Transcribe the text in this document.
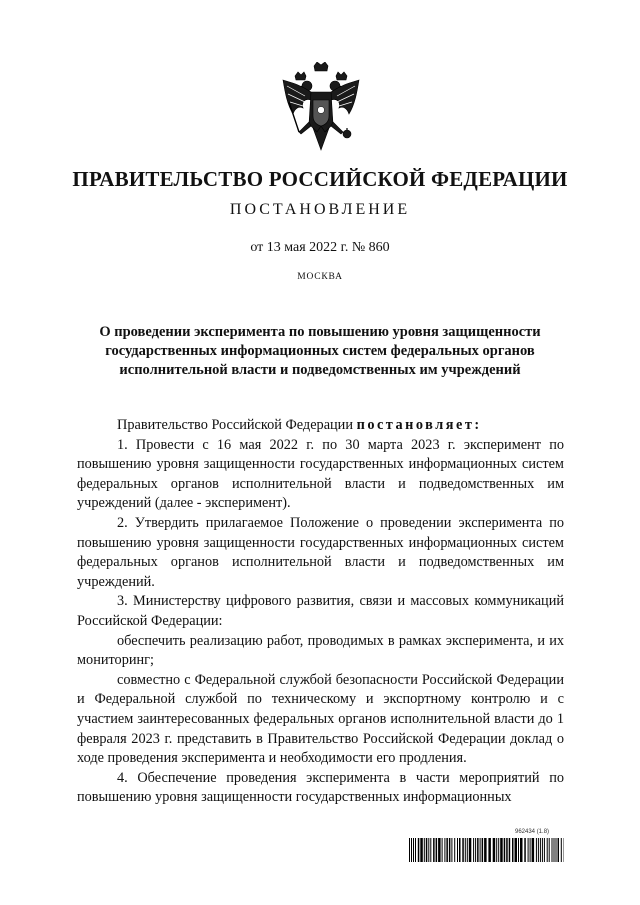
ПРАВИТЕЛЬСТВО РОССИЙСКОЙ ФЕДЕРАЦИИ
ПОСТАНОВЛЕНИЕ
от 13 мая 2022 г. № 860
МОСКВА
О проведении эксперимента по повышению уровня защищенности государственных информационных систем федеральных органов исполнительной власти и подведомственных им учреждений

Правительство Российской Федерации постановляет:

1. Провести с 16 мая 2022 г. по 30 марта 2023 г. эксперимент по повышению уровня защищенности государственных информационных систем федеральных органов исполнительной власти и подведомственных им учреждений (далее - эксперимент).

2. Утвердить прилагаемое Положение о проведении эксперимента по повышению уровня защищенности государственных информационных систем федеральных органов исполнительной власти и подведомственных им учреждений.

3. Министерству цифрового развития, связи и массовых коммуникаций Российской Федерации:

обеспечить реализацию работ, проводимых в рамках эксперимента, и их мониторинг;

совместно с Федеральной службой безопасности Российской Федерации и Федеральной службой по техническому и экспортному контролю и с участием заинтересованных федеральных органов исполнительной власти до 1 февраля 2023 г. представить в Правительство Российской Федерации доклад о ходе проведения эксперимента и необходимости его продления.

4. Обеспечение проведения эксперимента в части мероприятий по повышению уровня защищенности государственных информационных

962434 (1.8)
